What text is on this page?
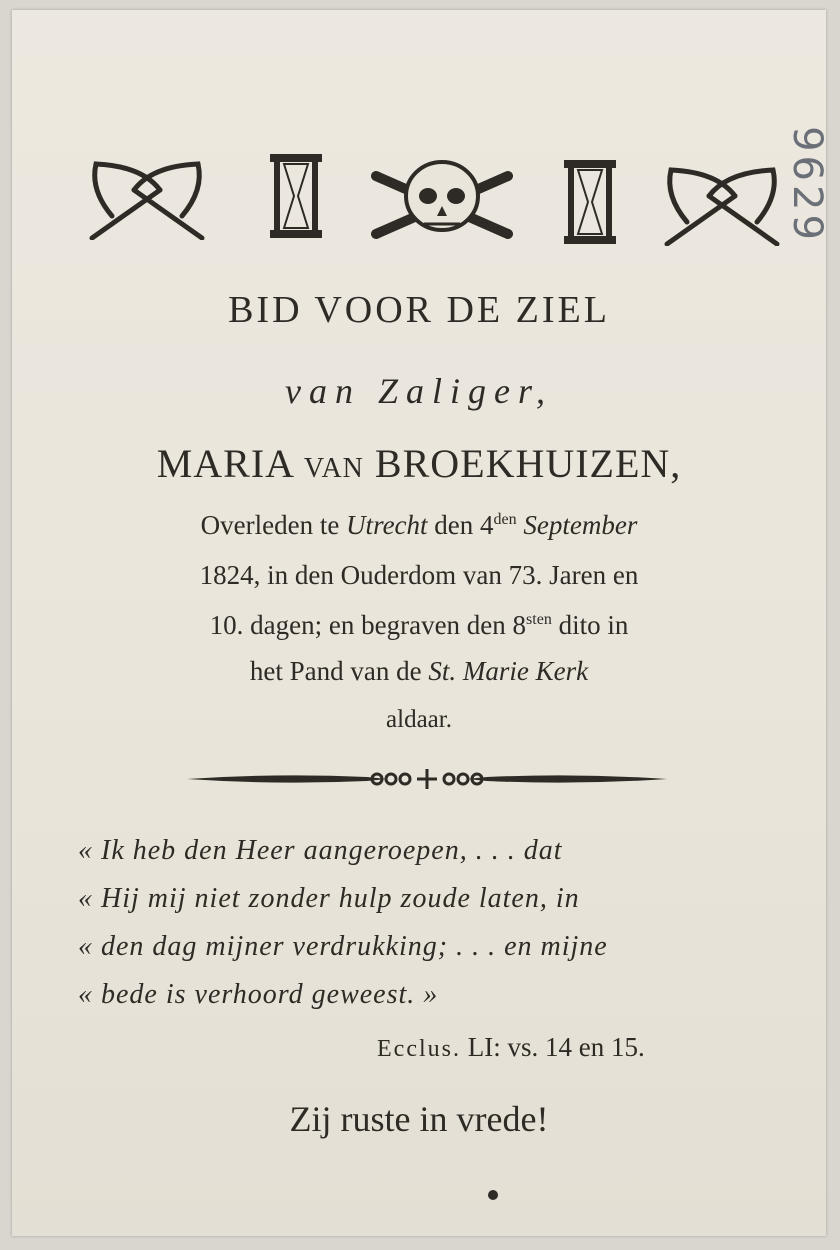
9629
BID VOOR DE ZIEL
van Zaliger,
MARIA VAN BROEKHUIZEN,
Overleden te Utrecht den $4^{den}$ September
1824, in den Ouderdom van 73. Jaren en
10. dagen; en begraven den $8^{sten}$ dito in
het Pand van de St. Marie Kerk
aldaar.
« Ik heb den Heer aangeroepen, . . . dat
« Hij mij niet zonder hulp zoude laten, in
« den dag mijner verdrukking; . . . en mijne
« bede is verhoord geweest. »
Ecclus. LI: vs. 14 en 15.
Zij ruste in vrede!
